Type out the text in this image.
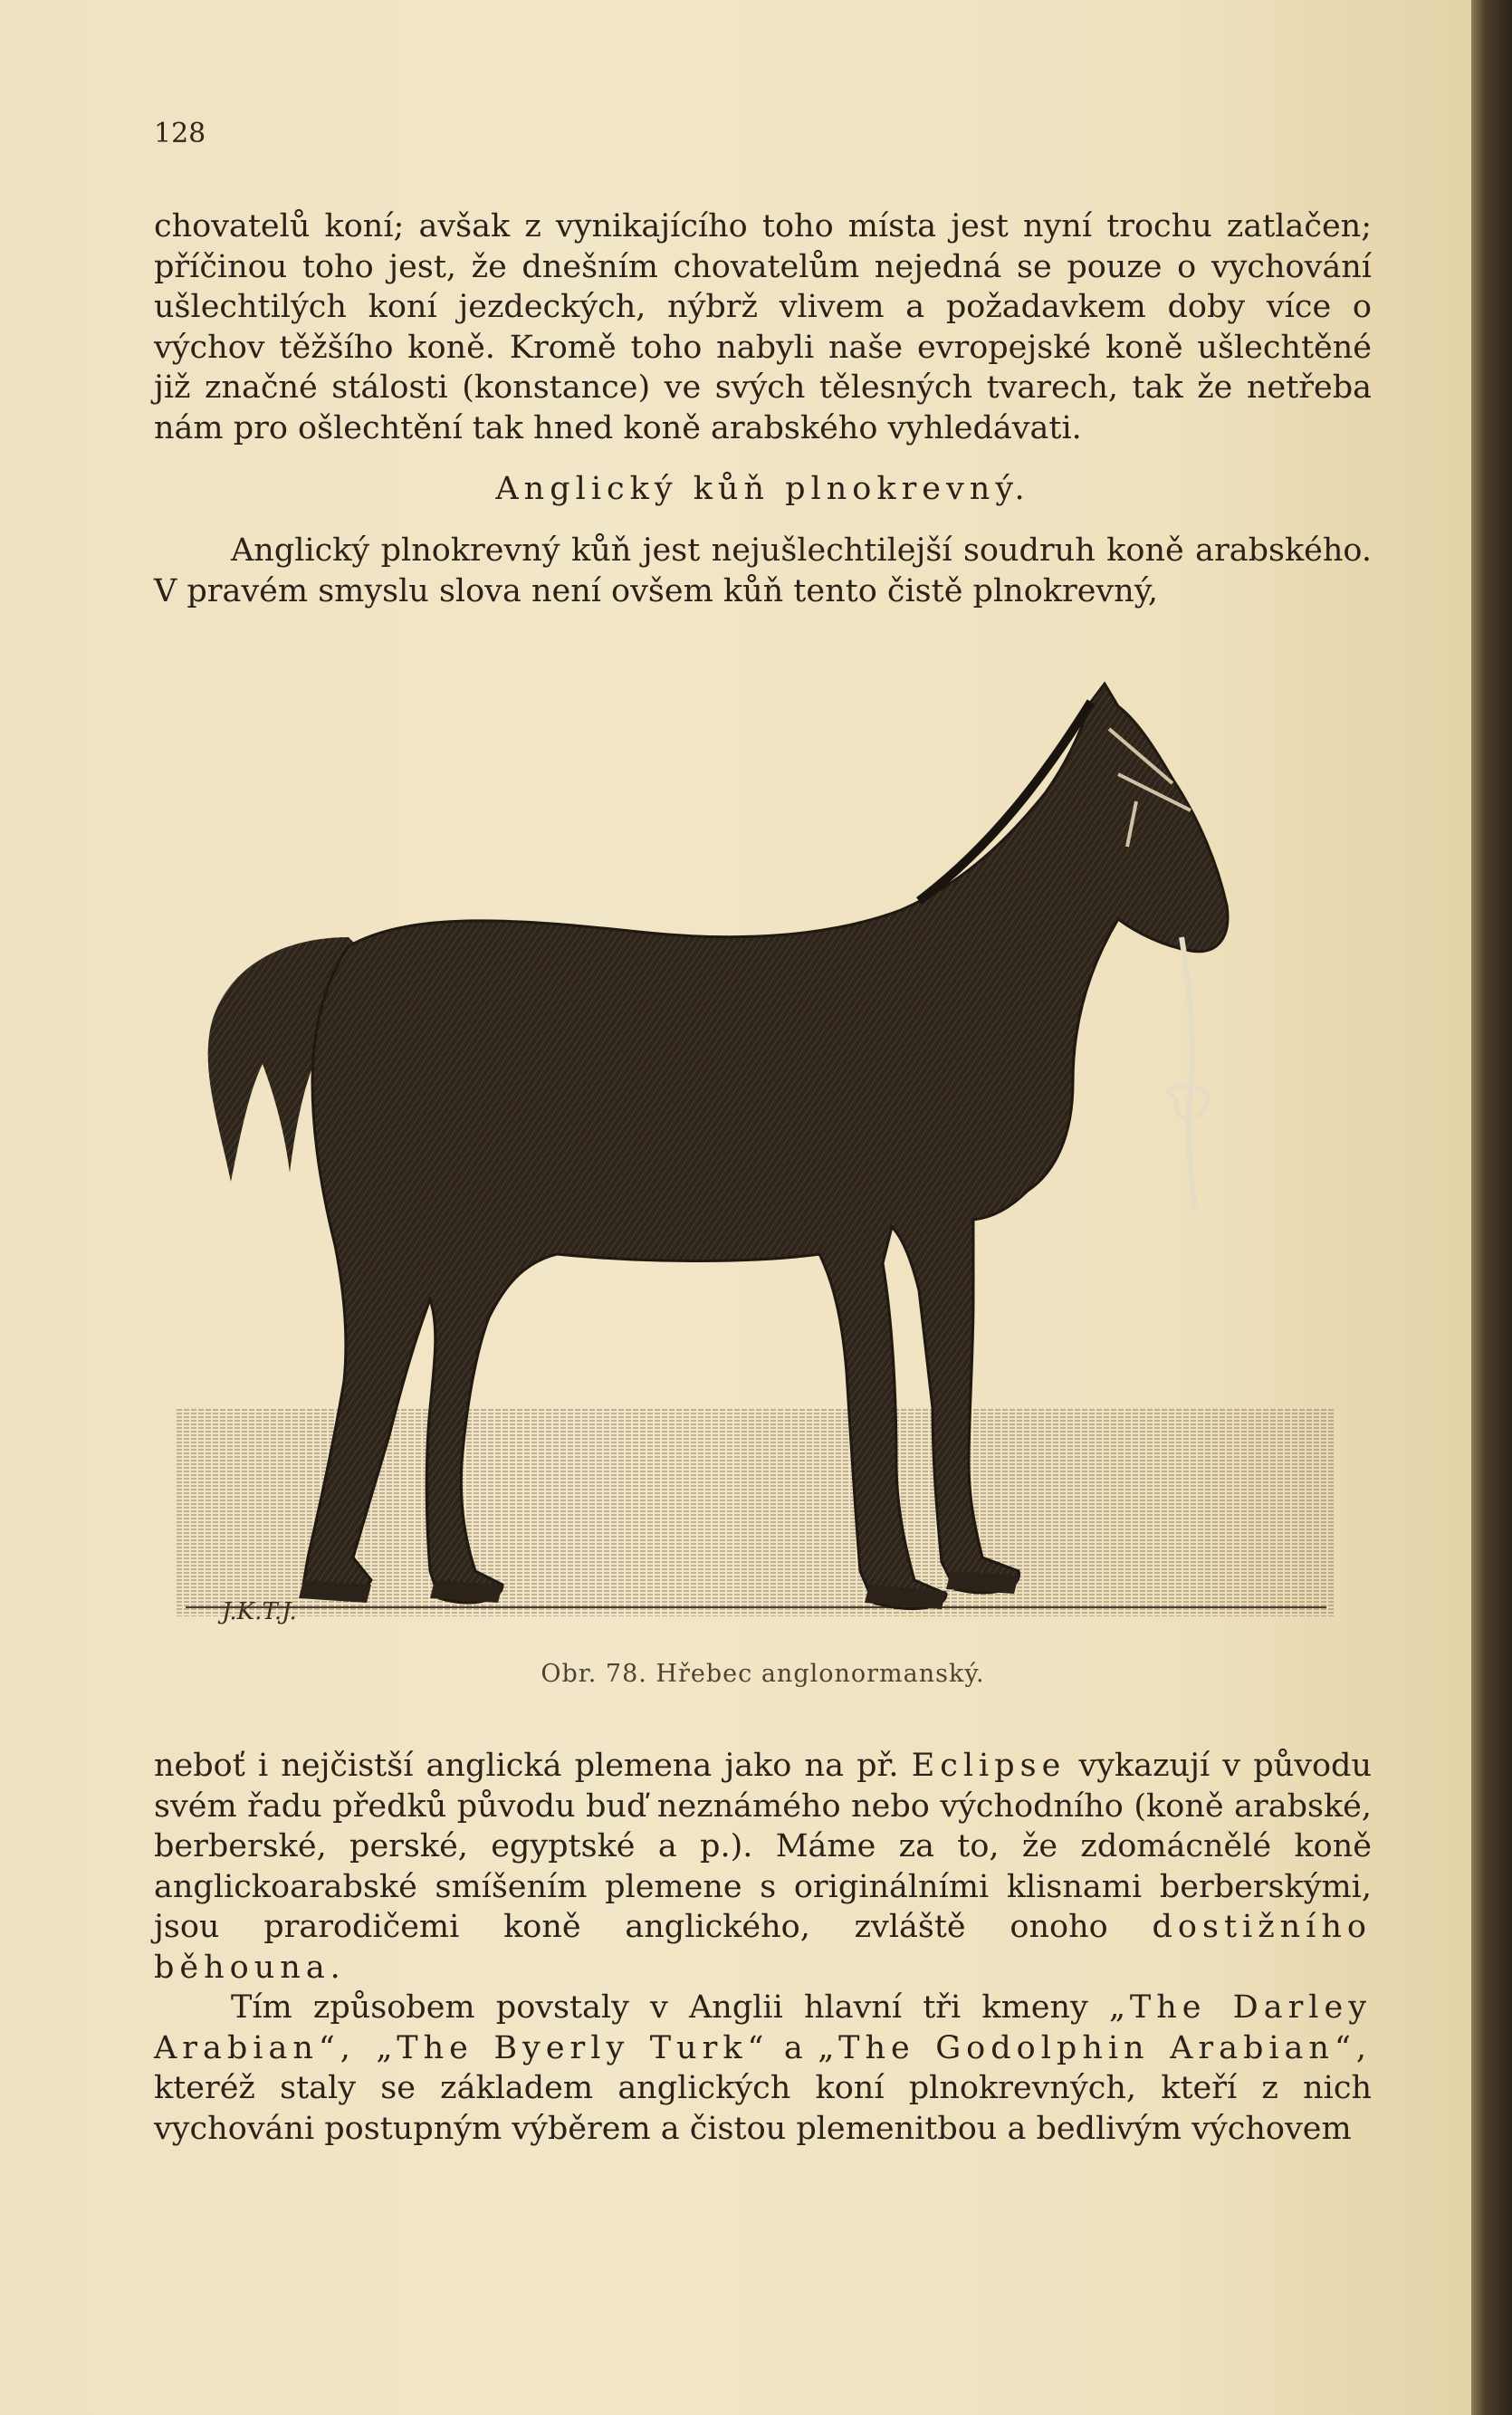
128

chovatelů koní; avšak z vynikajícího toho místa jest nyní trochu zatlačen; příčinou toho jest, že dnešním chovatelům nejedná se pouze o vychování ušlechtilých koní jezdeckých, nýbrž vlivem a požadavkem doby více o výchov těžšího koně. Kromě toho nabyli naše evropejské koně ušlechtěné již značné stálosti (konstance) ve svých tělesných tvarech, tak že netřeba nám pro ošlechtění tak hned koně arabského vyhledávati.

Anglický kůň plnokrevný.

Anglický plnokrevný kůň jest nejušlechtilejší soudruh koně arabského. V pravém smyslu slova není ovšem kůň tento čistě plnokrevný,

J.K.T.J.
Obr. 78. Hřebec anglonormanský.

neboť i nejčistší anglická plemena jako na př. Eclipse vykazují v původu svém řadu předků původu buď neznámého nebo východního (koně arabské, berberské, perské, egyptské a p.). Máme za to, že zdomácnělé koně anglickoarabské smíšením plemene s originálními klisnami berberskými, jsou prarodičemi koně anglického, zvláště onoho dostižního běhouna.

Tím způsobem povstaly v Anglii hlavní tři kmeny „The Darley Arabian“, „The Byerly Turk“ a „The Godolphin Arabian“, kteréž staly se základem anglických koní plnokrevných, kteří z nich vychováni postupným výběrem a čistou plemenitbou a bedlivým výchovem
